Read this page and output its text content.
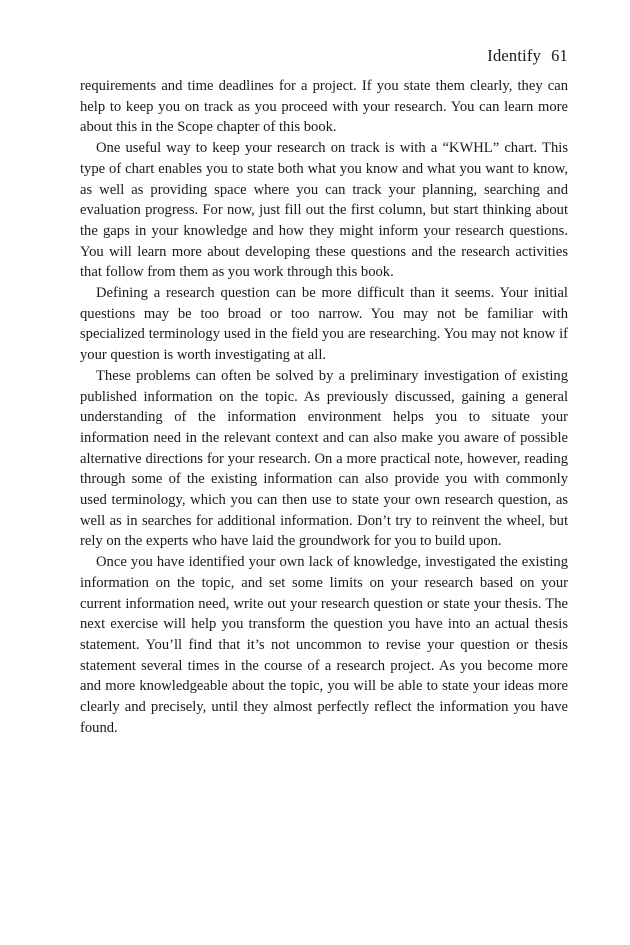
Identify 61

requirements and time deadlines for a project. If you state them clearly, they can help to keep you on track as you proceed with your research. You can learn more about this in the Scope chapter of this book.

One useful way to keep your research on track is with a “KWHL” chart. This type of chart enables you to state both what you know and what you want to know, as well as providing space where you can track your planning, searching and evaluation progress. For now, just fill out the first column, but start thinking about the gaps in your knowledge and how they might inform your research questions. You will learn more about developing these questions and the research activities that follow from them as you work through this book.

Defining a research question can be more difficult than it seems. Your initial questions may be too broad or too narrow. You may not be familiar with specialized terminology used in the field you are researching. You may not know if your question is worth investigating at all.

These problems can often be solved by a preliminary investigation of existing published information on the topic. As previously discussed, gaining a general understanding of the information environment helps you to situate your information need in the relevant context and can also make you aware of possible alternative directions for your research. On a more practical note, however, reading through some of the existing information can also provide you with commonly used terminology, which you can then use to state your own research question, as well as in searches for additional information. Don’t try to reinvent the wheel, but rely on the experts who have laid the groundwork for you to build upon.

Once you have identified your own lack of knowledge, investigated the existing information on the topic, and set some limits on your research based on your current information need, write out your research question or state your thesis. The next exercise will help you transform the question you have into an actual thesis statement. You’ll find that it’s not uncommon to revise your question or thesis statement several times in the course of a research project. As you become more and more knowledgeable about the topic, you will be able to state your ideas more clearly and precisely, until they almost perfectly reflect the information you have found.
